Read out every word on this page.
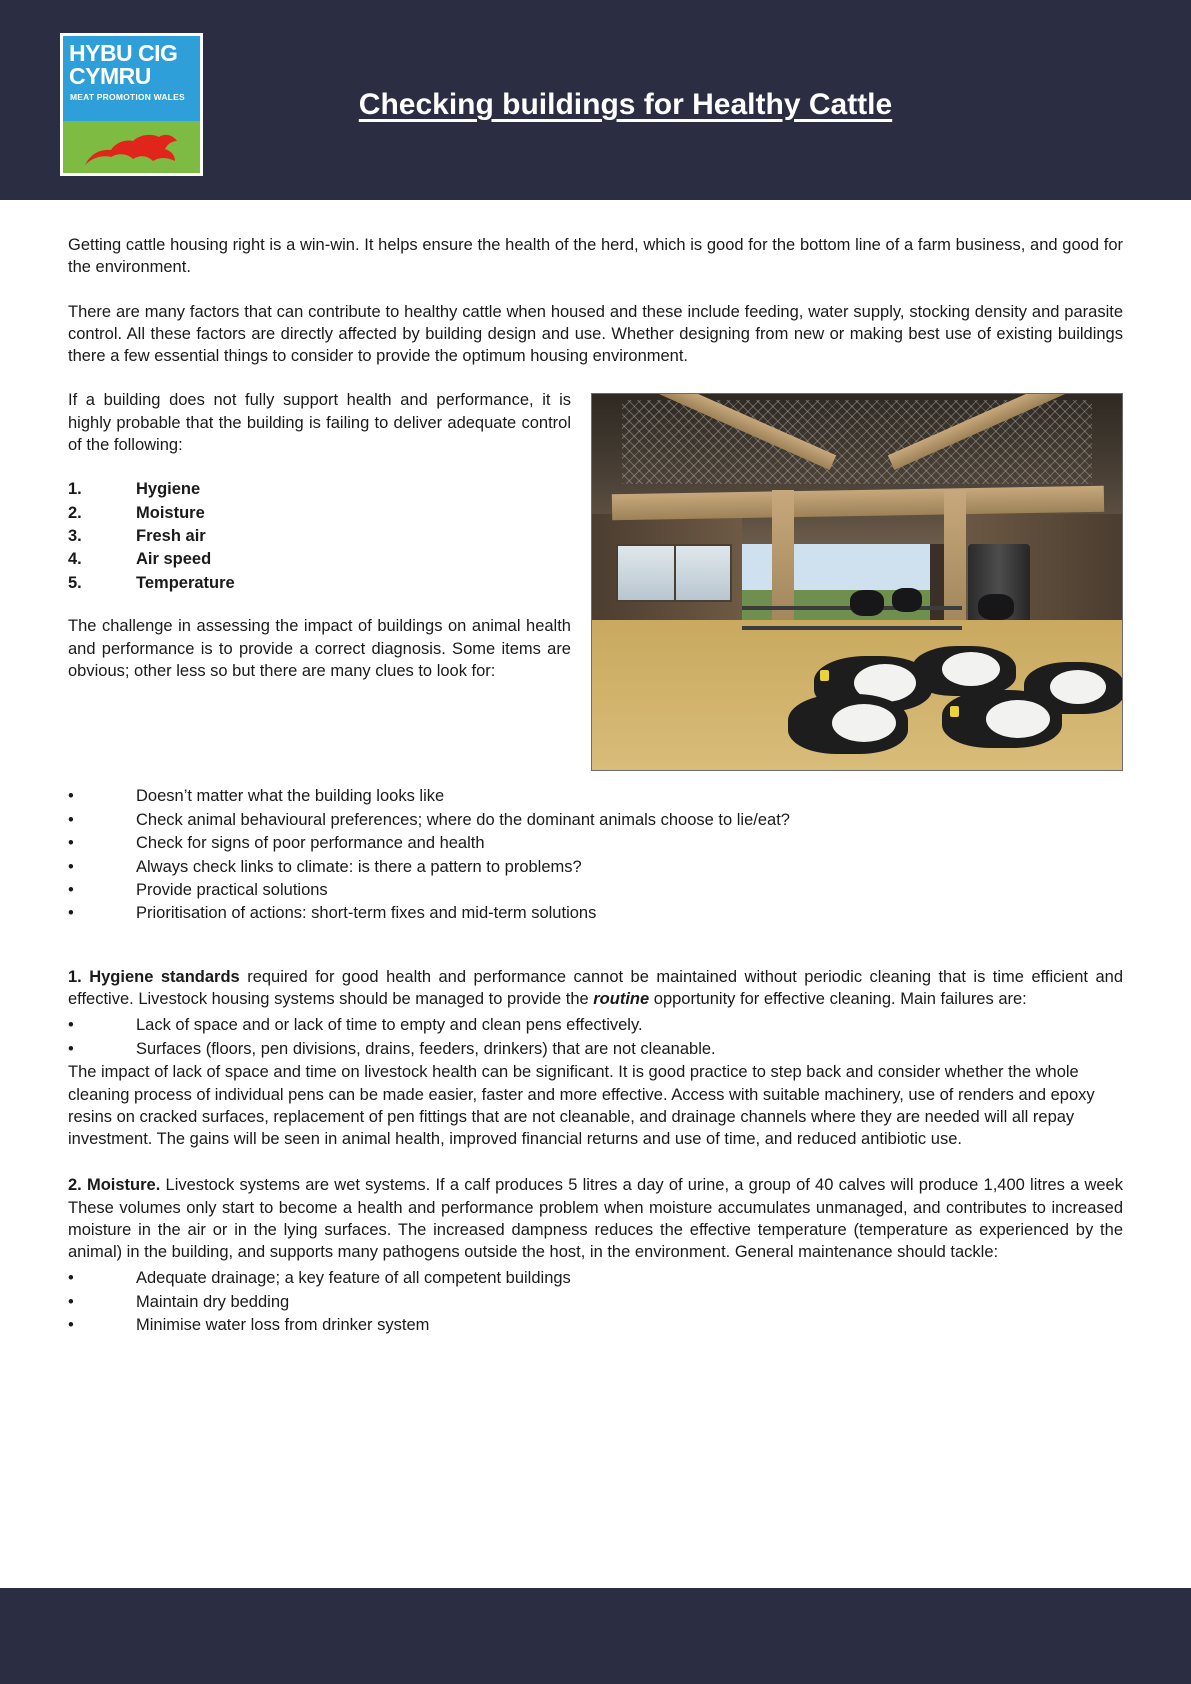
HYBU CIG
CYMRU
MEAT PROMOTION WALES	Checking buildings for Healthy Cattle

Getting cattle housing right is a win-win. It helps ensure the health of the herd, which is good for the bottom line of a farm business, and good for the environment.

There are many factors that can contribute to healthy cattle when housed and these include feeding, water supply, stocking density and parasite control. All these factors are directly affected by building design and use. Whether designing from new or making best use of existing buildings there a few essential things to consider to provide the optimum housing environment.

If a building does not fully support health and performance, it is highly probable that the building is failing to deliver adequate control of the following:

1.	Hygiene
2.	Moisture
3.	Fresh air
4.	Air speed
5.	Temperature

The challenge in assessing the impact of buildings on animal health and performance is to provide a correct diagnosis. Some items are obvious; other less so but there are many clues to look for:

•	Doesn’t matter what the building looks like
•	Check animal behavioural preferences; where do the dominant animals choose to lie/eat?
•	Check for signs of poor performance and health
•	Always check links to climate: is there a pattern to problems?
•	Provide practical solutions
•	Prioritisation of actions: short-term fixes and mid-term solutions

1. Hygiene standards required for good health and performance cannot be maintained without periodic cleaning that is time efficient and effective. Livestock housing systems should be managed to provide the routine opportunity for effective cleaning. Main failures are:

•	Lack of space and or lack of time to empty and clean pens effectively.
•	Surfaces (floors, pen divisions, drains, feeders, drinkers) that are not cleanable.

The impact of lack of space and time on livestock health can be significant. It is good practice to step back and consider whether the whole cleaning process of individual pens can be made easier, faster and more effective. Access with suitable machinery, use of renders and epoxy resins on cracked surfaces, replacement of pen fittings that are not cleanable, and drainage channels where they are needed will all repay investment. The gains will be seen in animal health, improved financial returns and use of time, and reduced antibiotic use.

2. Moisture. Livestock systems are wet systems. If a calf produces 5 litres a day of urine, a group of 40 calves will produce 1,400 litres a week These volumes only start to become a health and performance problem when moisture accumulates unmanaged, and contributes to increased moisture in the air or in the lying surfaces. The increased dampness reduces the effective temperature (temperature as experienced by the animal) in the building, and supports many pathogens outside the host, in the environment. General maintenance should tackle:

•	Adequate drainage; a key feature of all competent buildings
•	Maintain dry bedding
•	Minimise water loss from drinker system
